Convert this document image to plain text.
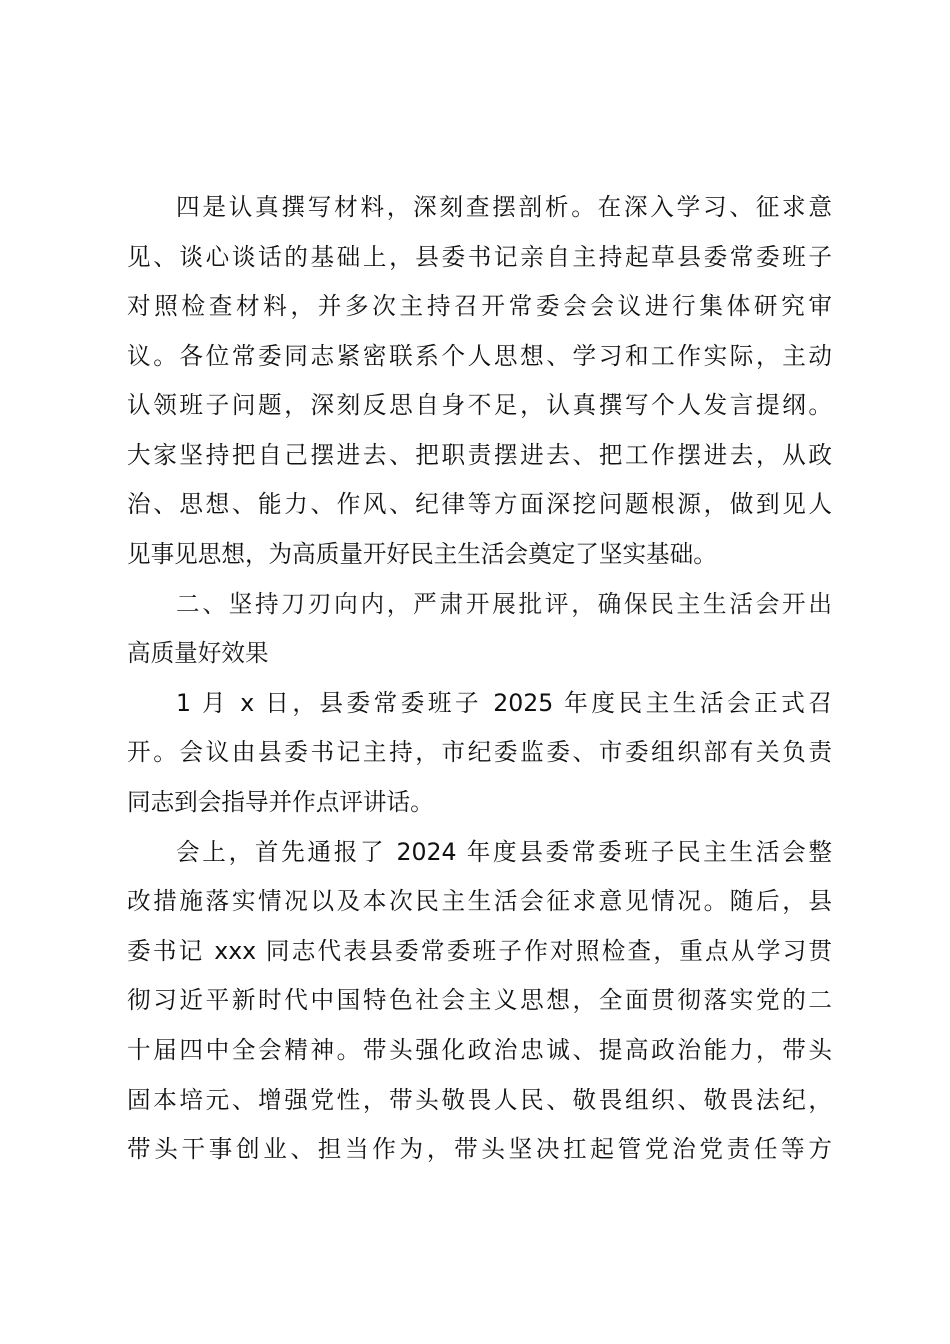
四是认真撰写材料，深刻查摆剖析。在深入学习、征求意
见、谈心谈话的基础上，县委书记亲自主持起草县委常委班子
对照检查材料，并多次主持召开常委会会议进行集体研究审
议。各位常委同志紧密联系个人思想、学习和工作实际，主动
认领班子问题，深刻反思自身不足，认真撰写个人发言提纲。
大家坚持把自己摆进去、把职责摆进去、把工作摆进去，从政
治、思想、能力、作风、纪律等方面深挖问题根源，做到见人
见事见思想，为高质量开好民主生活会奠定了坚实基础。
二、坚持刀刃向内，严肃开展批评，确保民主生活会开出
高质量好效果
1 月 x 日，县委常委班子 2025 年度民主生活会正式召
开。会议由县委书记主持，市纪委监委、市委组织部有关负责
同志到会指导并作点评讲话。
会上，首先通报了 2024 年度县委常委班子民主生活会整
改措施落实情况以及本次民主生活会征求意见情况。随后，县
委书记 xxx 同志代表县委常委班子作对照检查，重点从学习贯
彻习近平新时代中国特色社会主义思想，全面贯彻落实党的二
十届四中全会精神。带头强化政治忠诚、提高政治能力，带头
固本培元、增强党性，带头敬畏人民、敬畏组织、敬畏法纪，
带头干事创业、担当作为，带头坚决扛起管党治党责任等方
